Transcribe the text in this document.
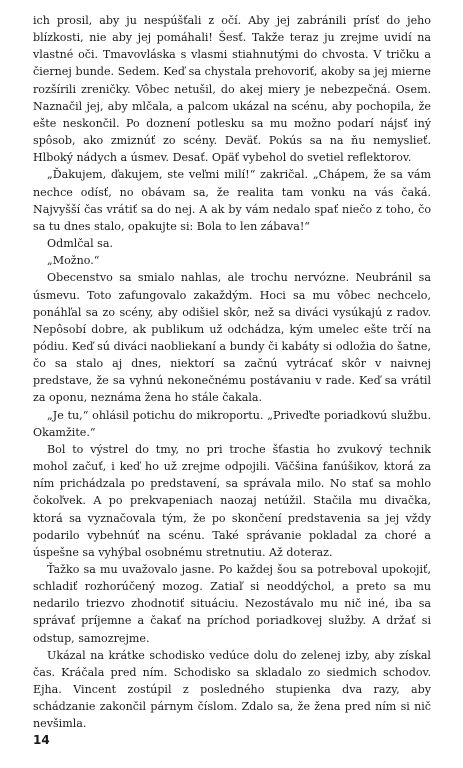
ich prosil, aby ju nespúšťali z očí. Aby jej zabránili prísť do jeho blízkosti, nie aby jej pomáhali! Šesť. Takže teraz ju zrejme uvidí na vlastné oči. Tmavovláska s vlasmi stiahnutými do chvosta. V tričku a čiernej bunde. Sedem. Keď sa chystala prehovoriť, akoby sa jej mierne rozšírili zreničky. Vôbec netušil, do akej miery je nebezpečná. Osem. Naznačil jej, aby mlčala, a palcom ukázal na scénu, aby pochopila, že ešte neskončil. Po doznení potlesku sa mu možno podarí nájsť iný spôsob, ako zmiznúť zo scény. Deväť. Pokús sa na ňu nemyslieť. Hlboký nádych a úsmev. Desať. Opäť vybehol do svetiel reflektorov.

„Ďakujem, ďakujem, ste veľmi milí!“ zakričal. „Chápem, že sa vám nechce odísť, no obávam sa, že realita tam vonku na vás čaká. Najvyšší čas vrátiť sa do nej. A ak by vám nedalo spať niečo z toho, čo sa tu dnes stalo, opakujte si: Bola to len zábava!“

Odmlčal sa.

„Možno.“

Obecenstvo sa smialo nahlas, ale trochu nervózne. Neubránil sa úsmevu. Toto zafungovalo zakaždým. Hoci sa mu vôbec nechcelo, ponáhľal sa zo scény, aby odišiel skôr, než sa diváci vysúkajú z radov. Nepôsobí dobre, ak publikum už odchádza, kým umelec ešte trčí na pódiu. Keď sú diváci naobliekaní a bundy či kabáty si odložia do šatne, čo sa stalo aj dnes, niektorí sa začnú vytrácať skôr v naivnej predstave, že sa vyhnú nekonečnému postávaniu v rade. Keď sa vrátil za oponu, neznáma žena ho stále čakala.

„Je tu,“ ohlásil potichu do mikroportu. „Priveďte poriadkovú službu. Okamžite.“

Bol to výstrel do tmy, no pri troche šťastia ho zvukový technik mohol začuť, i keď ho už zrejme odpojili. Väčšina fanúšikov, ktorá za ním prichádzala po predstavení, sa správala milo. No stať sa mohlo čokoľvek. A po prekvapeniach naozaj netúžil. Stačila mu divačka, ktorá sa vyznačovala tým, že po skončení predstavenia sa jej vždy podarilo vybehnúť na scénu. Také správanie pokladal za choré a úspešne sa vyhýbal osobnému stretnutiu. Až doteraz.

Ťažko sa mu uvažovalo jasne. Po každej šou sa potreboval upokojiť, schladiť rozhorúčený mozog. Zatiaľ si neoddýchol, a preto sa mu nedarilo triezvo zhodnotiť situáciu. Nezostávalo mu nič iné, iba sa správať príjemne a čakať na príchod poriadkovej služby. A držať si odstup, samozrejme.

Ukázal na krátke schodisko vedúce dolu do zelenej izby, aby získal čas. Kráčala pred ním. Schodisko sa skladalo zo siedmich schodov. Ejha. Vincent zostúpil z posledného stupienka dva razy, aby schádzanie zakončil párnym číslom. Zdalo sa, že žena pred ním si nič nevšimla.

14
